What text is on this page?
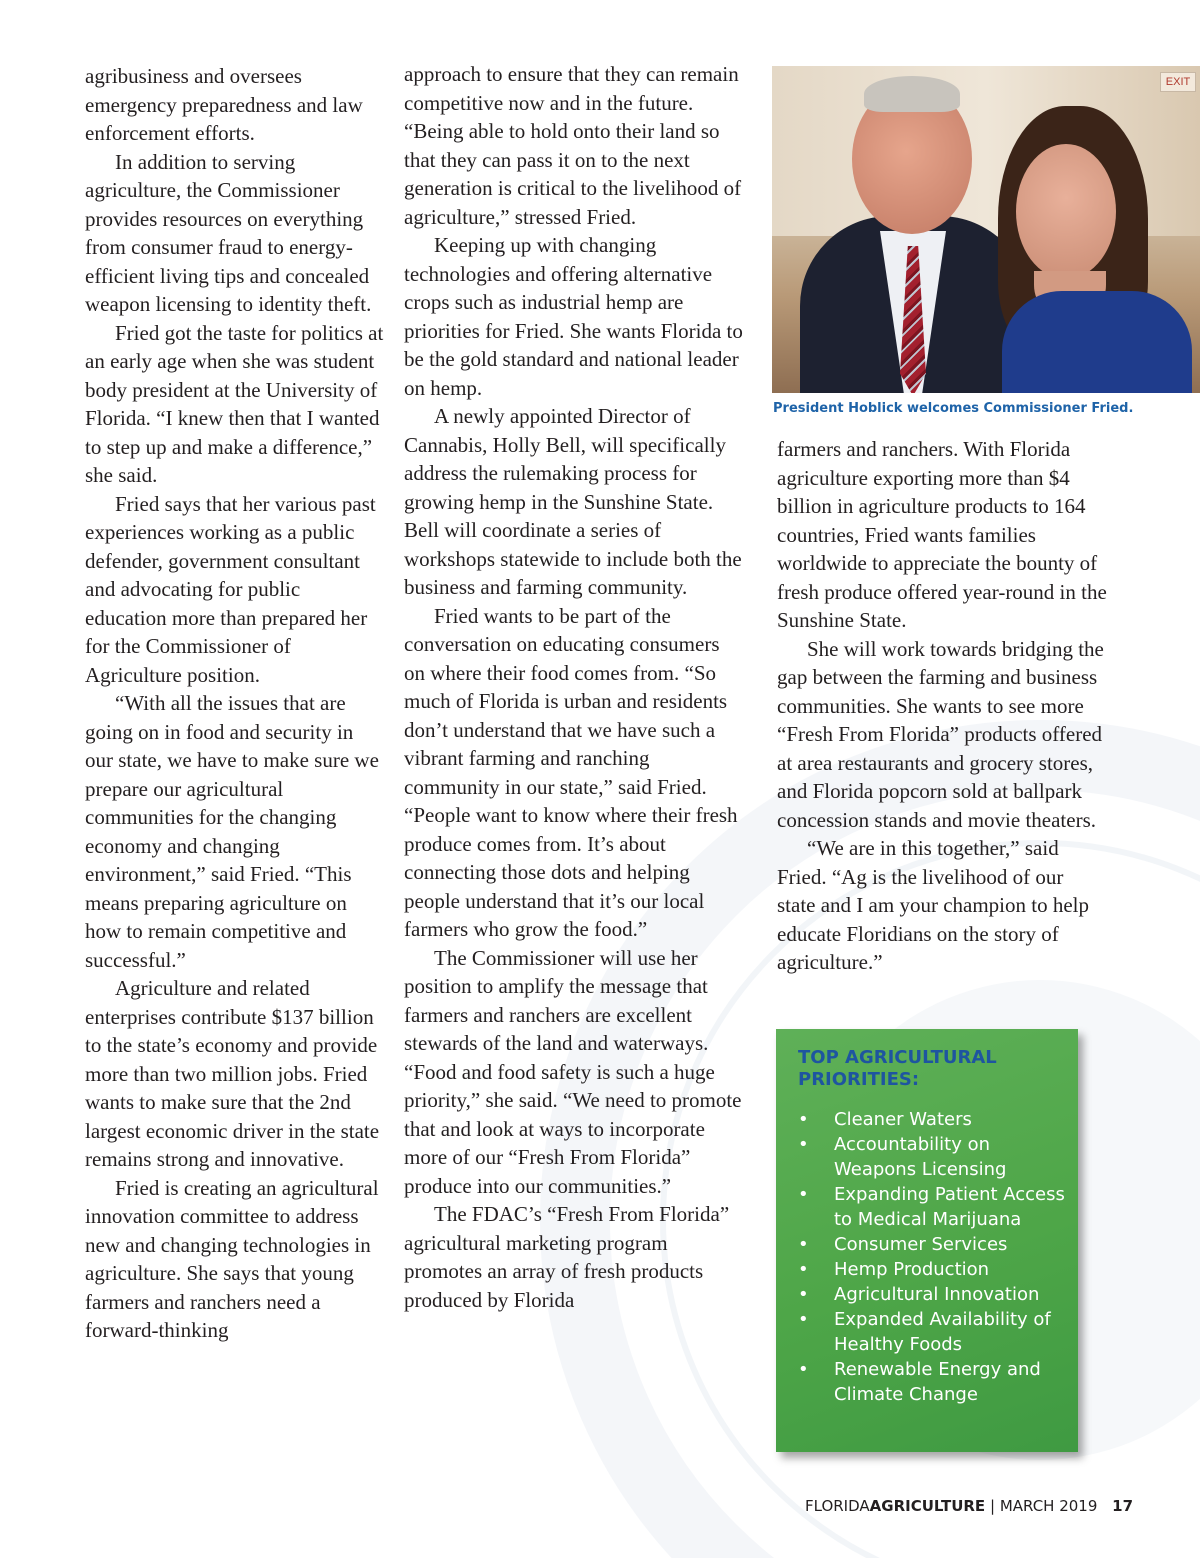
agribusiness and oversees emergency preparedness and law enforcement efforts.

In addition to serving agriculture, the Commissioner provides resources on everything from consumer fraud to energy-efficient living tips and concealed weapon licensing to identity theft.

Fried got the taste for politics at an early age when she was student body president at the University of Florida. “I knew then that I wanted to step up and make a difference,” she said.

Fried says that her various past experiences working as a public defender, government consultant and advocating for public education more than prepared her for the Commissioner of Agriculture position.

“With all the issues that are going on in food and security in our state, we have to make sure we prepare our agricultural communities for the changing economy and changing environment,” said Fried. “This means preparing agriculture on how to remain competitive and successful.”

Agriculture and related enterprises contribute $137 billion to the state’s economy and provide more than two million jobs. Fried wants to make sure that the 2nd largest economic driver in the state remains strong and innovative.

Fried is creating an agricultural innovation committee to address new and changing technologies in agriculture. She says that young farmers and ranchers need a forward-thinking

approach to ensure that they can remain competitive now and in the future. “Being able to hold onto their land so that they can pass it on to the next generation is critical to the livelihood of agriculture,” stressed Fried.

Keeping up with changing technologies and offering alternative crops such as industrial hemp are priorities for Fried. She wants Florida to be the gold standard and national leader on hemp.

A newly appointed Director of Cannabis, Holly Bell, will specifically address the rulemaking process for growing hemp in the Sunshine State. Bell will coordinate a series of workshops statewide to include both the business and farming community.

Fried wants to be part of the conversation on educating consumers on where their food comes from. “So much of Florida is urban and residents don’t understand that we have such a vibrant farming and ranching community in our state,” said Fried. “People want to know where their fresh produce comes from. It’s about connecting those dots and helping people understand that it’s our local farmers who grow the food.”

The Commissioner will use her position to amplify the message that farmers and ranchers are excellent stewards of the land and waterways. “Food and food safety is such a huge priority,” she said. “We need to promote that and look at ways to incorporate more of our “Fresh From Florida” produce into our communities.”

The FDAC’s “Fresh From Florida” agricultural marketing program promotes an array of fresh products produced by Florida

EXIT
President Hoblick welcomes Commissioner Fried.

farmers and ranchers. With Florida agriculture exporting more than $4 billion in agriculture products to 164 countries, Fried wants families worldwide to appreciate the bounty of fresh produce offered year-round in the Sunshine State.

She will work towards bridging the gap between the farming and business communities. She wants to see more “Fresh From Florida” products offered at area restaurants and grocery stores, and Florida popcorn sold at ballpark concession stands and movie theaters.

“We are in this together,” said Fried. “Ag is the livelihood of our state and I am your champion to help educate Floridians on the story of agriculture.”

TOP AGRICULTURAL PRIORITIES:
• Cleaner Waters
• Accountability on Weapons Licensing
• Expanding Patient Access to Medical Marijuana
• Consumer Services
• Hemp Production
• Agricultural Innovation
• Expanded Availability of Healthy Foods
• Renewable Energy and Climate Change
FLORIDAAGRICULTURE | MARCH 2019 17
